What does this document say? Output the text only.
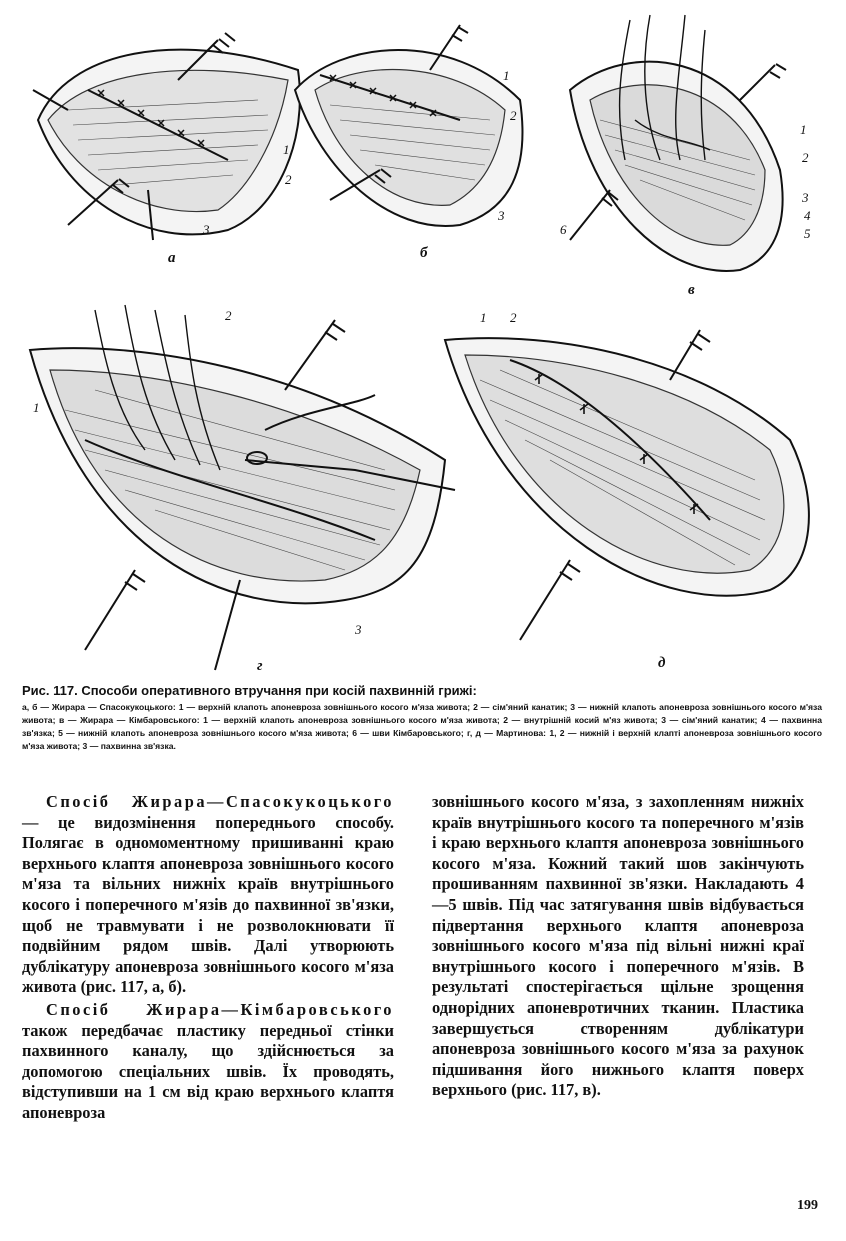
1
2
3
а
1
2
3
б
1
2
3
4
5
6
в
1
2
3
г
1 2
д
Рис. 117. Способи оперативного втручання при косій пахвинній грижі:
а, б — Жирара — Спасокукоцького: 1 — верхній клапоть апоневроза зовнішнього косого м'яза живота; 2 — сім'яний канатик; 3 — нижній клапоть апоневроза зовнішнього косого м'яза живота; в — Жирара — Кімбаровського: 1 — верхній клапоть апоневроза зовнішнього косого м'яза живота; 2 — внутрішній косий м'яз живота; 3 — сім'яний канатик; 4 — пахвинна зв'язка; 5 — нижній клапоть апоневроза зовнішнього косого м'яза живота; 6 — шви Кімбаровського; г, д — Мартинова: 1, 2 — нижній і верхній клапті апоневроза зовнішнього косого м'яза живота; 3 — пахвинна зв'язка.

Спосіб Жирара—Спасокукоцького — це видозмінення попереднього способу. Полягає в одномоментному пришиванні краю верхнього клаптя апоневроза зовнішнього косого м'яза та вільних нижніх країв внутрішнього косого і поперечного м'язів до пахвинної зв'язки, щоб не травмувати і не розволокнювати її подвійним рядом швів. Далі утворюють дублікатуру апоневроза зовнішнього косого м'яза живота (рис. 117, а, б).

Спосіб Жирара—Кімбаровського також передбачає пластику передньої стінки пахвинного каналу, що здійснюється за допомогою спеціальних швів. Їх проводять, відступивши на 1 см від краю верхнього клаптя апоневроза

зовнішнього косого м'яза, з захопленням нижніх країв внутрішнього косого та поперечного м'язів і краю верхнього клаптя апоневроза зовнішнього косого м'яза. Кожний такий шов закінчують прошиванням пахвинної зв'язки. Накладають 4—5 швів. Під час затягування швів відбувається підвертання верхнього клаптя апоневроза зовнішнього косого м'яза під вільні нижні краї внутрішнього косого і поперечного м'язів. В результаті спостерігається щільне зрощення однорідних апоневротичних тканин. Пластика завершується створенням дублікатури апоневроза зовнішнього косого м'яза за рахунок підшивання його нижнього клаптя поверх верхнього (рис. 117, в).

199
